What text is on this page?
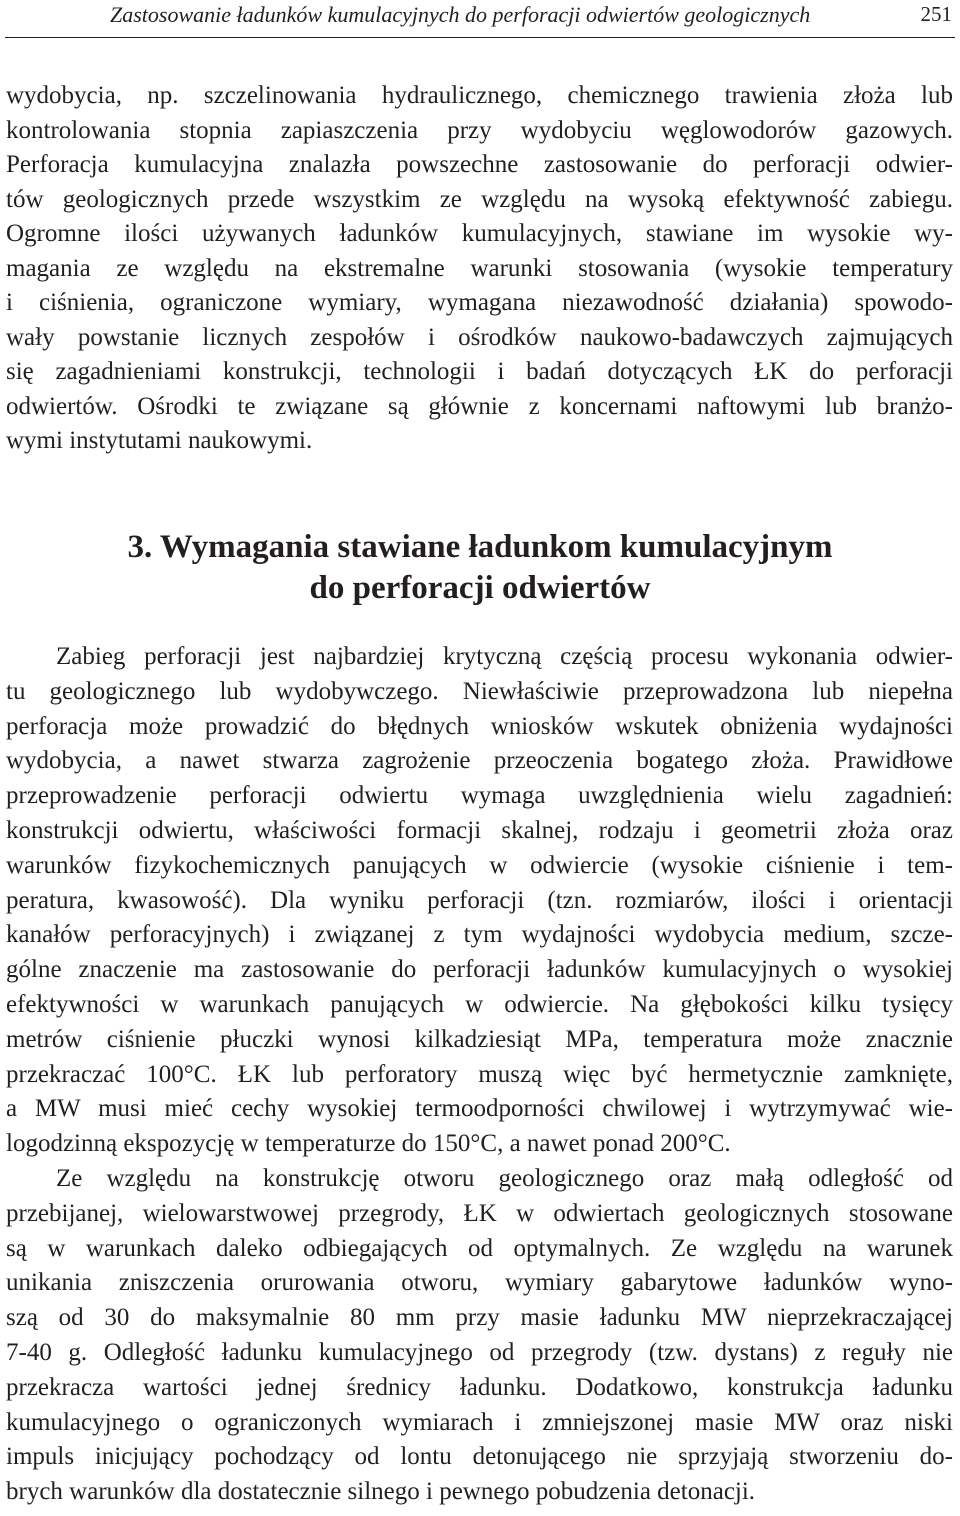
Zastosowanie ładunków kumulacyjnych do perforacji odwiertów geologicznych	251
wydobycia, np. szczelinowania hydraulicznego, chemicznego trawienia złoża lub
kontrolowania stopnia zapiaszczenia przy wydobyciu węglowodorów gazowych.
Perforacja kumulacyjna znalazła powszechne zastosowanie do perforacji odwier-
tów geologicznych przede wszystkim ze względu na wysoką efektywność zabiegu.
Ogromne ilości używanych ładunków kumulacyjnych, stawiane im wysokie wy-
magania ze względu na ekstremalne warunki stosowania (wysokie temperatury
i ciśnienia, ograniczone wymiary, wymagana niezawodność działania) spowodo-
wały powstanie licznych zespołów i ośrodków naukowo-badawczych zajmujących
się zagadnieniami konstrukcji, technologii i badań dotyczących ŁK do perforacji
odwiertów. Ośrodki te związane są głównie z koncernami naftowymi lub branżo-
wymi instytutami naukowymi.
3. Wymagania stawiane ładunkom kumulacyjnym
do perforacji odwiertów
Zabieg perforacji jest najbardziej krytyczną częścią procesu wykonania odwier-
tu geologicznego lub wydobywczego. Niewłaściwie przeprowadzona lub niepełna
perforacja może prowadzić do błędnych wniosków wskutek obniżenia wydajności
wydobycia, a nawet stwarza zagrożenie przeoczenia bogatego złoża. Prawidłowe
przeprowadzenie perforacji odwiertu wymaga uwzględnienia wielu zagadnień:
konstrukcji odwiertu, właściwości formacji skalnej, rodzaju i geometrii złoża oraz
warunków fizykochemicznych panujących w odwiercie (wysokie ciśnienie i tem-
peratura, kwasowość). Dla wyniku perforacji (tzn. rozmiarów, ilości i orientacji
kanałów perforacyjnych) i związanej z tym wydajności wydobycia medium, szcze-
gólne znaczenie ma zastosowanie do perforacji ładunków kumulacyjnych o wysokiej
efektywności w warunkach panujących w odwiercie. Na głębokości kilku tysięcy
metrów ciśnienie płuczki wynosi kilkadziesiąt MPa, temperatura może znacznie
przekraczać 100°C. ŁK lub perforatory muszą więc być hermetycznie zamknięte,
a MW musi mieć cechy wysokiej termoodporności chwilowej i wytrzymywać wie-
logodzinną ekspozycję w temperaturze do 150°C, a nawet ponad 200°C.
Ze względu na konstrukcję otworu geologicznego oraz małą odległość od
przebijanej, wielowarstwowej przegrody, ŁK w odwiertach geologicznych stosowane
są w warunkach daleko odbiegających od optymalnych. Ze względu na warunek
unikania zniszczenia orurowania otworu, wymiary gabarytowe ładunków wyno-
szą od 30 do maksymalnie 80 mm przy masie ładunku MW nieprzekraczającej
7-40 g. Odległość ładunku kumulacyjnego od przegrody (tzw. dystans) z reguły nie
przekracza wartości jednej średnicy ładunku. Dodatkowo, konstrukcja ładunku
kumulacyjnego o ograniczonych wymiarach i zmniejszonej masie MW oraz niski
impuls inicjujący pochodzący od lontu detonującego nie sprzyjają stworzeniu do-
brych warunków dla dostatecznie silnego i pewnego pobudzenia detonacji.
